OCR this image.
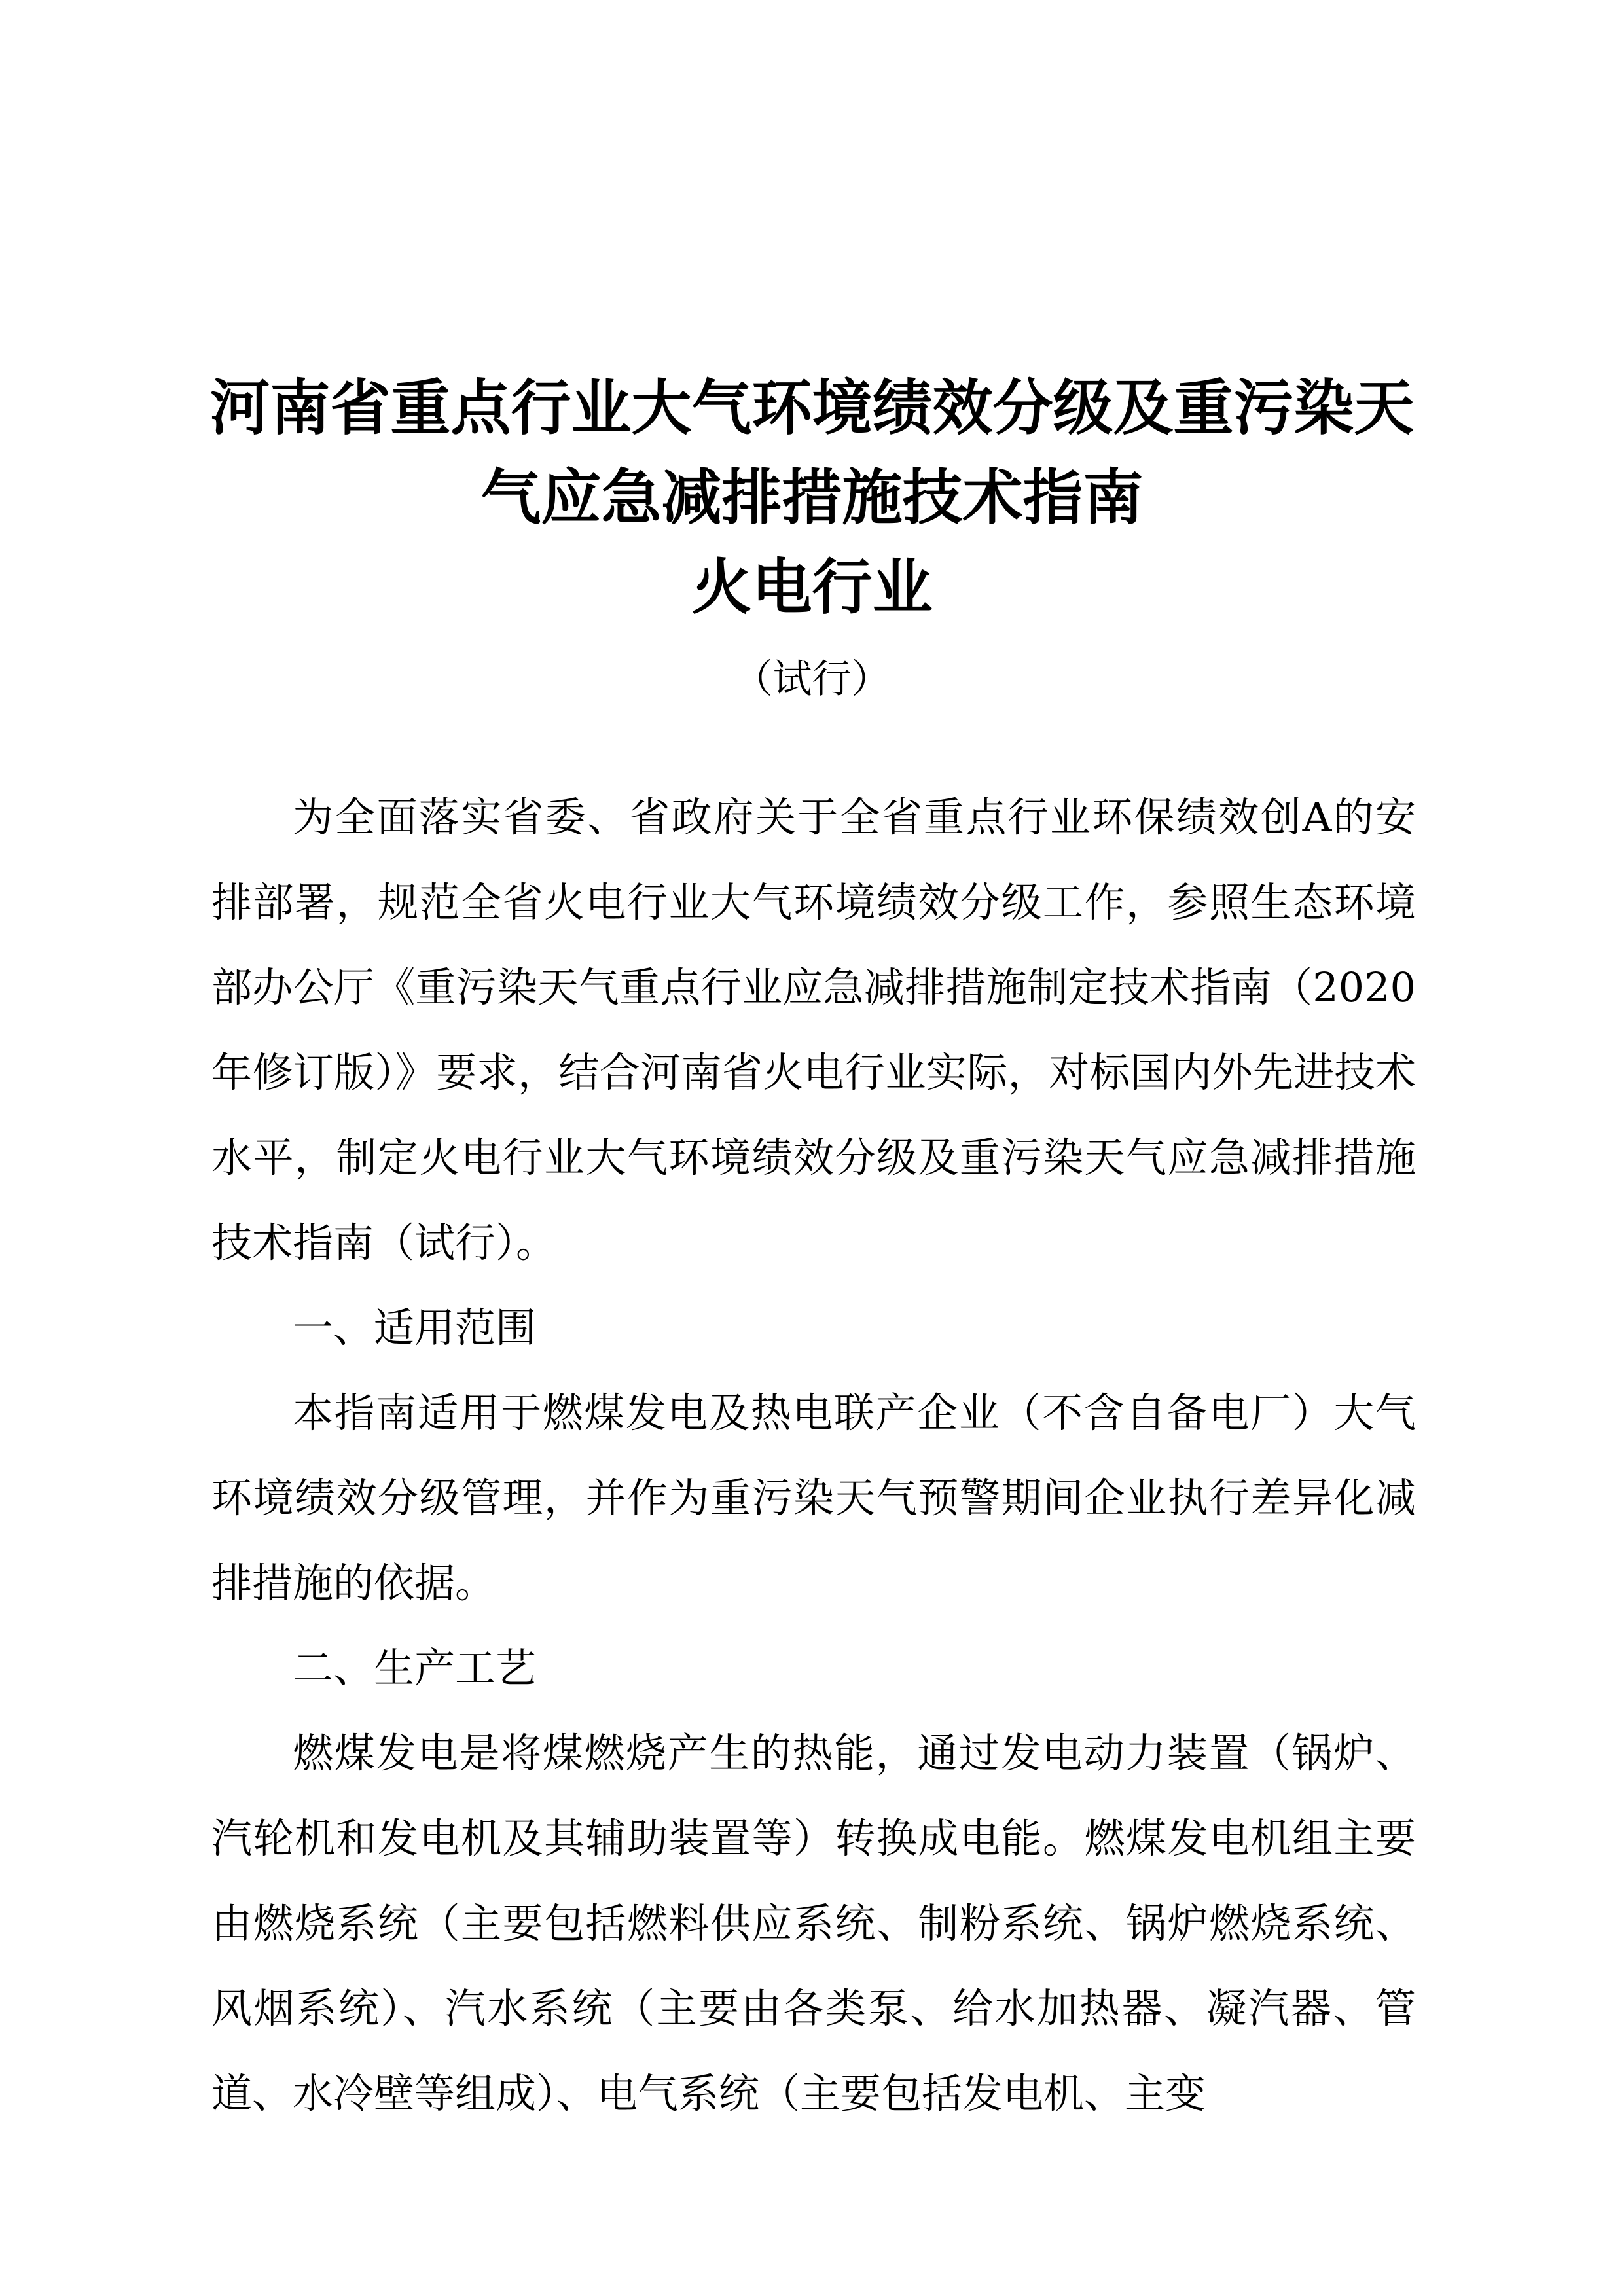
河南省重点行业大气环境绩效分级及重污染天
气应急减排措施技术指南
火电行业
（试行）

为全面落实省委、省政府关于全省重点行业环保绩效创A的安排部署，规范全省火电行业大气环境绩效分级工作，参照生态环境部办公厅《重污染天气重点行业应急减排措施制定技术指南（2020年修订版）》要求，结合河南省火电行业实际，对标国内外先进技术水平，制定火电行业大气环境绩效分级及重污染天气应急减排措施技术指南（试行）。

一、适用范围

本指南适用于燃煤发电及热电联产企业（不含自备电厂）大气环境绩效分级管理，并作为重污染天气预警期间企业执行差异化减排措施的依据。

二、生产工艺

燃煤发电是将煤燃烧产生的热能，通过发电动力装置（锅炉、汽轮机和发电机及其辅助装置等）转换成电能。燃煤发电机组主要由燃烧系统（主要包括燃料供应系统、制粉系统、锅炉燃烧系统、风烟系统）、汽水系统（主要由各类泵、给水加热器、凝汽器、管道、水冷壁等组成）、电气系统（主要包括发电机、主变
